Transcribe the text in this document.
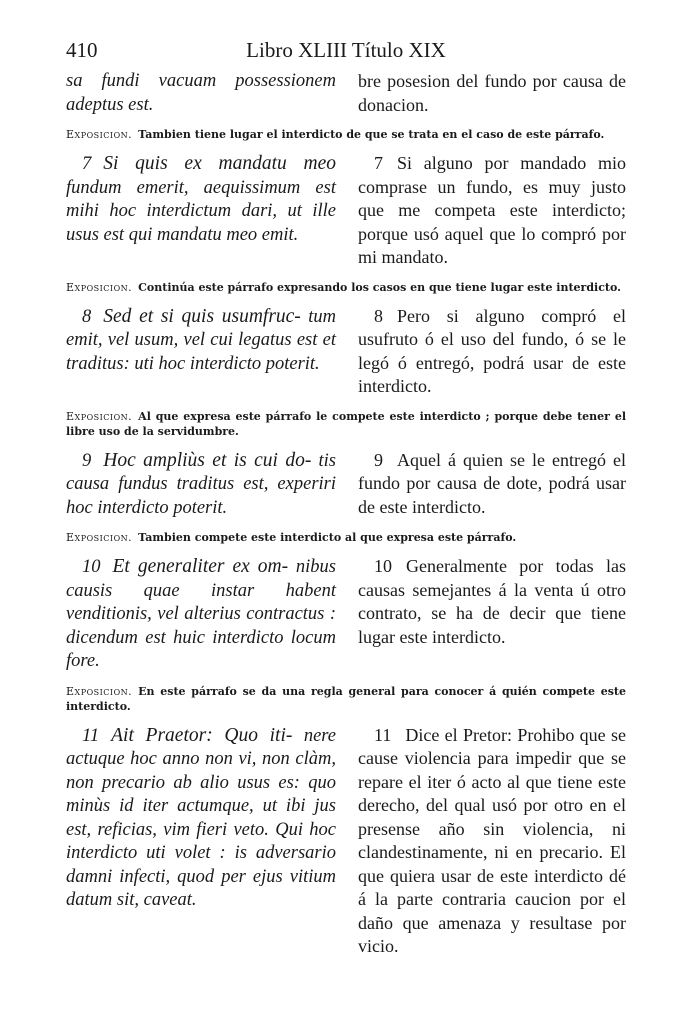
410	Libro XLIII Título XIX

sa fundi vacuam possessionem adeptus est.

bre posesion del fundo por causa de donacion.

Exposicion. Tambien tiene lugar el interdicto de que se trata en el caso de este párrafo.

7 Si quis ex mandatu meo fundum emerit, aequissimum est mihi hoc interdictum dari, ut ille usus est qui mandatu meo emit.

7 Si alguno por mandado mio comprase un fundo, es muy justo que me competa este interdicto; porque usó aquel que lo compró por mi mandato.

Exposicion. Continúa este párrafo expresando los casos en que tiene lugar este interdicto.

8 Sed et si quis usumfruc- tum emit, vel usum, vel cui legatus est et traditus: uti hoc interdicto poterit.

8 Pero si alguno compró el usufruto ó el uso del fundo, ó se le legó ó entregó, podrá usar de este interdicto.

Exposicion. Al que expresa este párrafo le compete este interdicto ; porque debe tener el libre uso de la servidumbre.

9 Hoc ampliùs et is cui do- tis causa fundus traditus est, experiri hoc interdicto poterit.

9 Aquel á quien se le entregó el fundo por causa de dote, podrá usar de este interdicto.

Exposicion. Tambien compete este interdicto al que expresa este párrafo.

10 Et generaliter ex om- nibus causis quae instar habent venditionis, vel alterius contractus : dicendum est huic interdicto locum fore.

10 Generalmente por todas las causas semejantes á la venta ú otro contrato, se ha de decir que tiene lugar este interdicto.

Exposicion. En este párrafo se da una regla general para conocer á quién compete este interdicto.

11 Ait Praetor: Quo iti- nere actuque hoc anno non vi, non clàm, non precario ab alio usus es: quo minùs id iter actumque, ut ibi jus est, reficias, vim fieri veto. Qui hoc interdicto uti volet : is adversario damni infecti, quod per ejus vitium datum sit, caveat.

11 Dice el Pretor: Prohibo que se cause violencia para impedir que se repare el iter ó acto al que tiene este derecho, del qual usó por otro en el presense año sin violencia, ni clandestinamente, ni en precario. El que quiera usar de este interdicto dé á la parte contraria caucion por el daño que amenaza y resultase por vicio.
